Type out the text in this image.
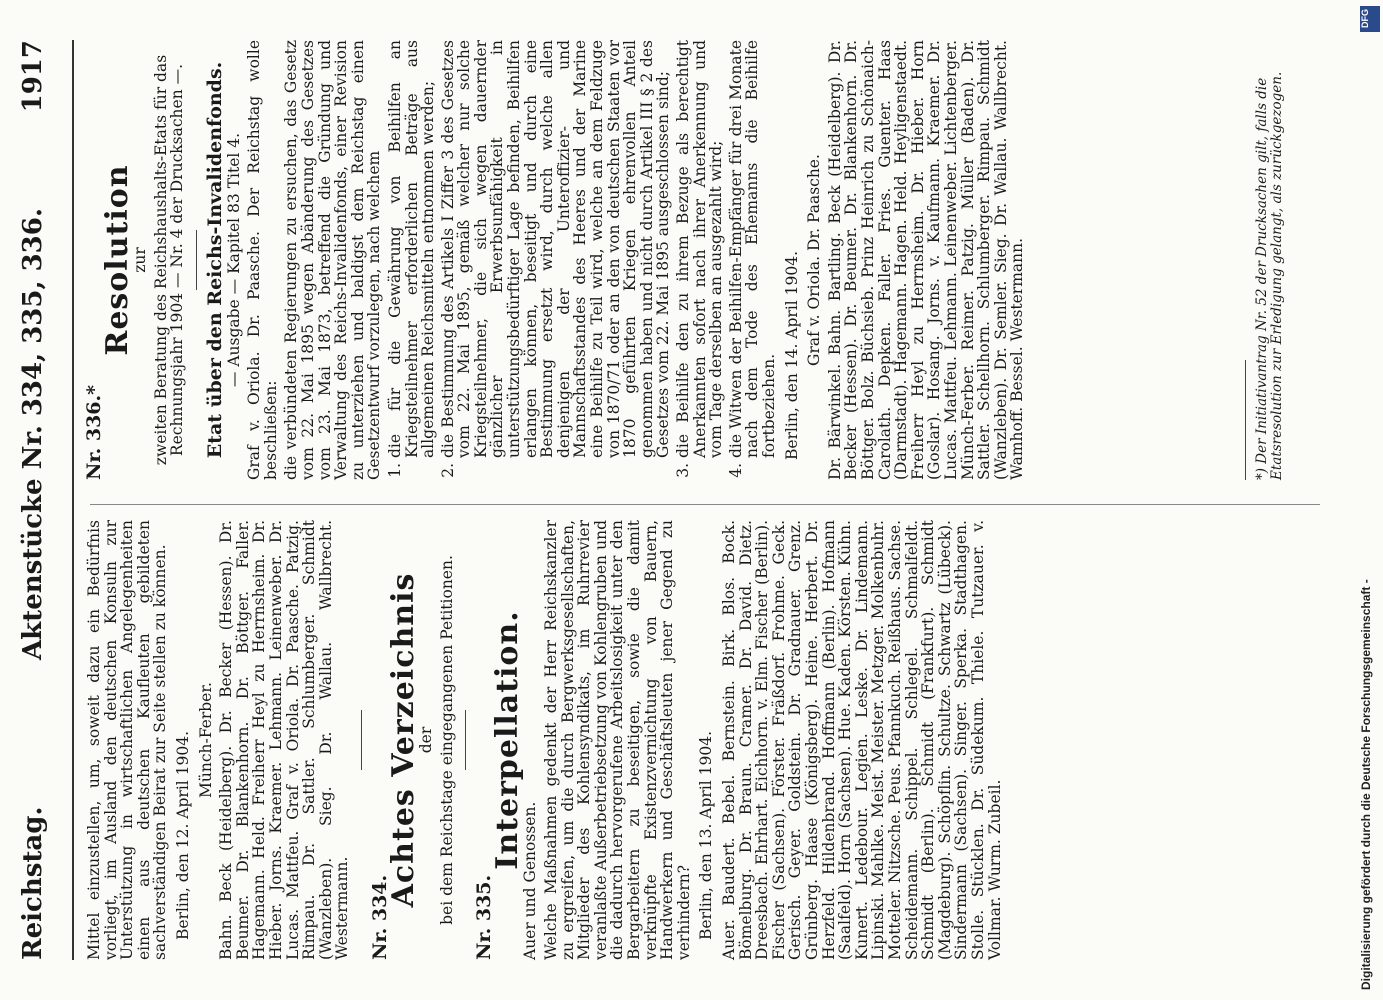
Reichstag.
Aktenstücke Nr. 334, 335, 336.
1917

Mittel einzustellen, um, soweit dazu ein Bedürfnis vorliegt, im Ausland den deutschen Konsuln zur Unterstützung in wirtschaftlichen Angelegenheiten einen aus deutschen Kaufleuten gebildeten sachverständigen Beirat zur Seite stellen zu können. Berlin, den 12. April 1904. Münch-Ferber. Bahn. Beck (Heidelberg). Dr. Becker (Hessen). Dr. Beumer. Dr. Blankenhorn. Dr. Böttger. Faller. Hagemann. Held. Freiherr Heyl zu Herrnsheim. Dr. Hieber. Jorns. Kraemer. Lehmann. Leinenweber. Dr. Lucas. Mattfeu. Graf v. Oriola. Dr. Paasche. Patzig. Rimpau. Dr. Sattler. Schlumberger. Schmidt (Wanzleben). Sieg. Dr. Wallau. Wallbrecht. Westermann. Nr. 334.

Achtes Verzeichnis

der bei dem Reichstage eingegangenen Petitionen. Nr. 335.

Interpellation.

Auer und Genossen. Welche Maßnahmen gedenkt der Herr Reichskanzler zu ergreifen, um die durch Bergwerksgesellschaften, Mitglieder des Kohlensyndikats, im Ruhrrevier veranlaßte Außerbetriebsetzung von Kohlengruben und die dadurch hervorgerufene Arbeitslosigkeit unter den Bergarbeitern zu beseitigen, sowie die damit verknüpfte Existenzvernichtung von Bauern, Handwerkern und Geschäftsleuten jener Gegend zu verhindern? Berlin, den 13. April 1904. Auer. Baudert. Bebel. Bernstein. Birk. Blos. Bock. Bömelburg. Dr. Braun. Cramer. Dr. David. Dietz. Dreesbach. Ehrhart. Eichhorn. v. Elm. Fischer (Berlin). Fischer (Sachsen). Förster. Fräßdorf. Frohme. Geck. Gerisch. Geyer. Goldstein. Dr. Gradnauer. Grenz. Grünberg. Haase (Königsberg). Heine. Herbert. Dr. Herzfeld. Hildenbrand. Hoffmann (Berlin). Hofmann (Saalfeld). Horn (Sachsen). Hue. Kaden. Körsten. Kühn. Kunert. Ledebour. Legien. Leske. Dr. Lindemann. Lipinski. Mahlke. Meist. Meister. Metzger. Molkenbuhr. Motteler. Nitzsche. Peus. Pfannkuch. Reißhaus. Sachse. Scheidemann. Schippel. Schlegel. Schmalfeldt. Schmidt (Berlin). Schmidt (Frankfurt). Schmidt (Magdeburg). Schöpflin. Schultze. Schwartz (Lübeck). Sindermann (Sachsen). Singer. Sperka. Stadthagen. Stolle. Stücklen. Dr. Südekum. Thiele. Tutzauer. v. Vollmar. Wurm. Zubeil.

Nr. 336.*

Resolution

zur zweiten Beratung des Reichshaushalts-Etats für das Rechnungsjahr 1904 — Nr. 4 der Drucksachen —. Etat über den Reichs-Invalidenfonds.

— Ausgabe — Kapitel 83 Titel 4. Graf v. Oriola. Dr. Paasche. Der Reichstag wolle beschließen: die verbündeten Regierungen zu ersuchen, das Gesetz vom 22. Mai 1895 wegen Abänderung des Gesetzes vom 23. Mai 1873, betreffend die Gründung und Verwaltung des Reichs-Invalidenfonds, einer Revision zu unterziehen und baldigst dem Reichstag einen Gesetzentwurf vorzulegen, nach welchem 1. die für die Gewährung von Beihilfen an Kriegsteilnehmer erforderlichen Beträge aus allgemeinen Reichsmitteln entnommen werden; 2. die Bestimmung des Artikels I Ziffer 3 des Gesetzes vom 22. Mai 1895, gemäß welcher nur solche Kriegsteilnehmer, die sich wegen dauernder gänzlicher Erwerbsunfähigkeit in unterstützungsbedürftiger Lage befinden, Beihilfen erlangen können, beseitigt und durch eine Bestimmung ersetzt wird, durch welche allen denjenigen der Unteroffizier- und Mannschaftsstandes des Heeres und der Marine eine Beihilfe zu Teil wird, welche an dem Feldzuge von 1870/71 oder an den von deutschen Staaten vor 1870 geführten Kriegen ehrenvollen Anteil genommen haben und nicht durch Artikel III § 2 des Gesetzes vom 22. Mai 1895 ausgeschlossen sind; 3. die Beihilfe den zu ihrem Bezuge als berechtigt Anerkannten sofort nach ihrer Anerkennung und vom Tage derselben an ausgezahlt wird; 4. die Witwen der Beihilfen-Empfänger für drei Monate nach dem Tode des Ehemanns die Beihilfe fortbeziehen. Berlin, den 14. April 1904. Graf v. Oriola. Dr. Paasche. Dr. Bärwinkel. Bahn. Bartling. Beck (Heidelberg). Dr. Becker (Hessen). Dr. Beumer. Dr. Blankenhorn. Dr. Böttger. Bolz. Büchsieb. Prinz Heinrich zu Schönaich-Carolath. Depken. Faller. Fries. Guenter. Haas (Darmstadt). Hagemann. Hagen. Held. Heyligenstaedt. Freiherr Heyl zu Herrnsheim. Dr. Hieber. Horn (Goslar). Hosang. Jorns. v. Kaufmann. Kraemer. Dr. Lucas. Mattfeu. Lehmann. Leinenweber. Lichtenberger. Münch-Ferber. Reimer. Patzig. Müller (Baden). Dr. Sattler. Schellhorn. Schlumberger. Rimpau. Schmidt (Wanzleben). Dr. Semler. Sieg. Dr. Wallau. Wallbrecht. Wamhoff. Bessel. Westermann.	*) Der Initiativantrag Nr. 52 der Drucksachen gilt, falls die Etatsresolution zur Erledigung gelangt, als zurückgezogen.
DFG
Digitalisierung gefördert durch die Deutsche Forschungsgemeinschaft -
